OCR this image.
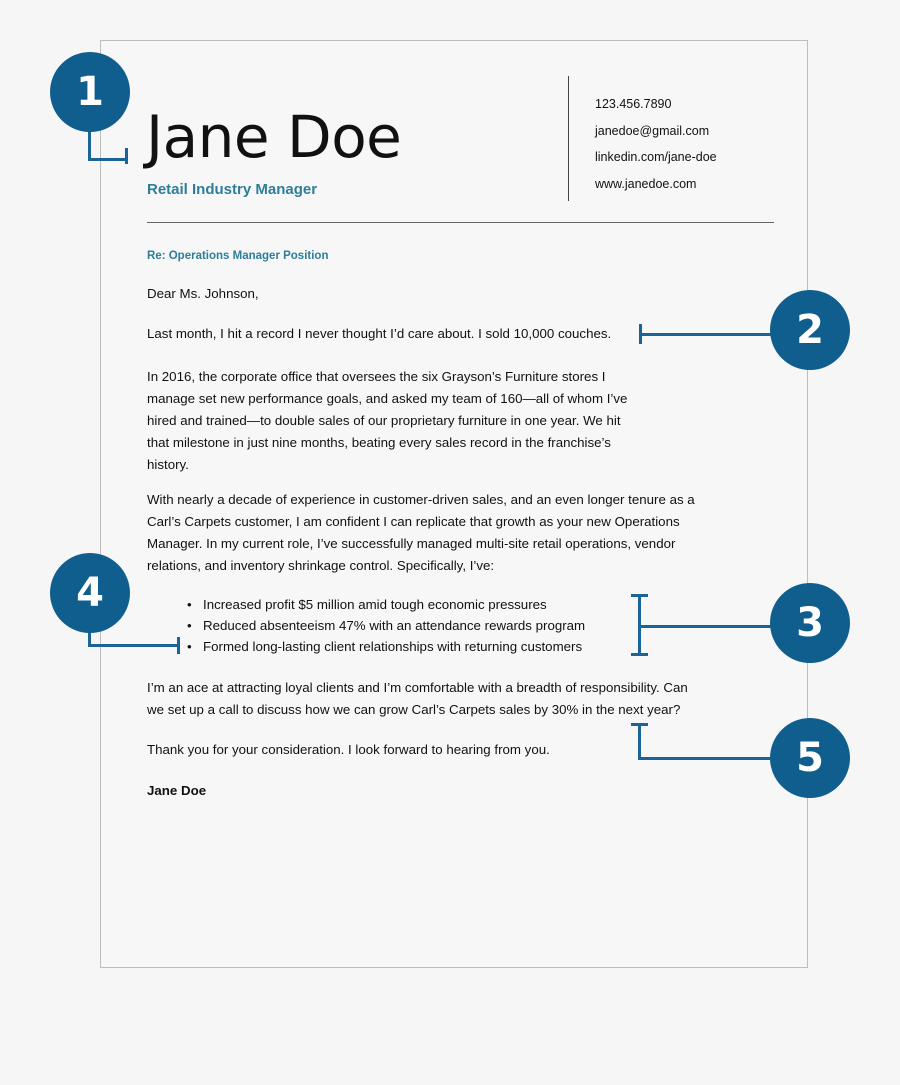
Jane Doe
Retail Industry Manager
123.456.7890
janedoe@gmail.com
linkedin.com/jane-doe
www.janedoe.com
Re: Operations Manager Position

Dear Ms. Johnson,

Last month, I hit a record I never thought I’d care about. I sold 10,000 couches.

In 2016, the corporate office that oversees the six Grayson’s Furniture stores I
manage set new performance goals, and asked my team of 160—all of whom I’ve
hired and trained—to double sales of our proprietary furniture in one year. We hit
that milestone in just nine months, beating every sales record in the franchise’s
history.
With nearly a decade of experience in customer-driven sales, and an even longer tenure as a
Carl’s Carpets customer, I am confident I can replicate that growth as your new Operations
Manager. In my current role, I’ve successfully managed multi-site retail operations, vendor
relations, and inventory shrinkage control. Specifically, I’ve:
• Increased profit $5 million amid tough economic pressures
• Reduced absenteeism 47% with an attendance rewards program
• Formed long-lasting client relationships with returning customers
I’m an ace at attracting loyal clients and I’m comfortable with a breadth of responsibility. Can
we set up a call to discuss how we can grow Carl’s Carpets sales by 30% in the next year?

Thank you for your consideration. I look forward to hearing from you.

Jane Doe
1
2
3
4
5
